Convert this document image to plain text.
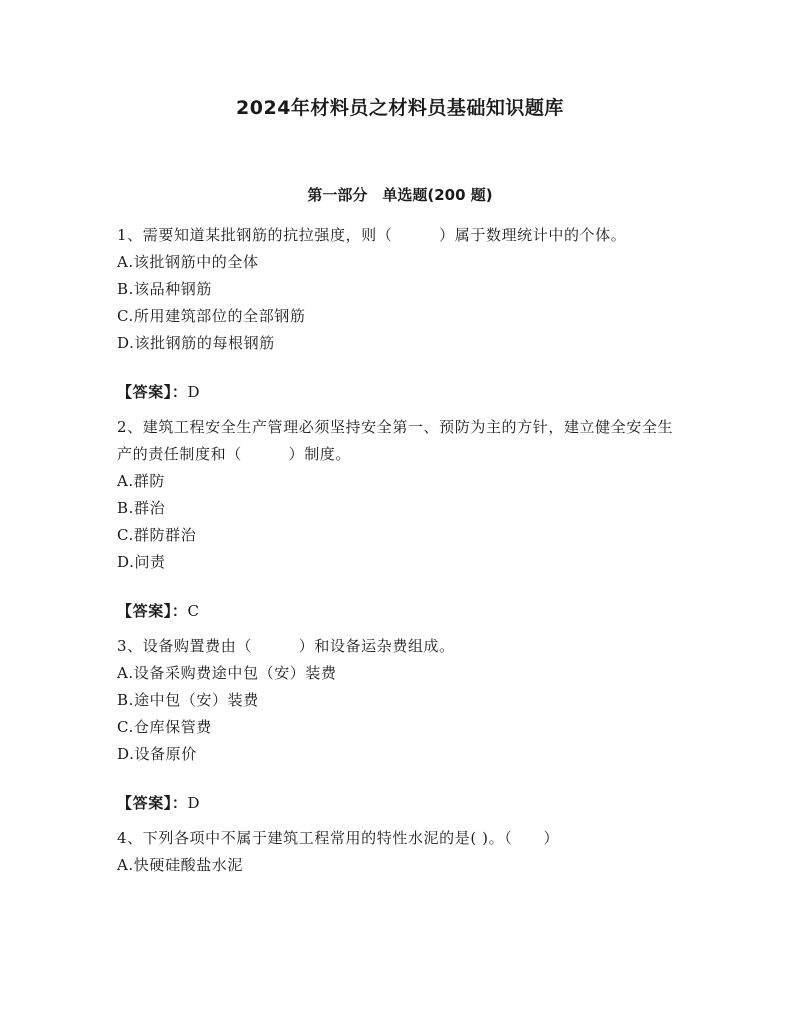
2024年材料员之材料员基础知识题库
第一部分　单选题(200 题)

1、需要知道某批钢筋的抗拉强度，则（　　　）属于数理统计中的个体。

A.该批钢筋中的全体

B.该品种钢筋

C.所用建筑部位的全部钢筋

D.该批钢筋的每根钢筋

【答案】：D

2、建筑工程安全生产管理必须坚持安全第一、预防为主的方针，建立健全安全生产的责任制度和（　　　）制度。

A.群防

B.群治

C.群防群治

D.问责

【答案】：C

3、设备购置费由（　　　）和设备运杂费组成。

A.设备采购费途中包（安）装费

B.途中包（安）装费

C.仓库保管费

D.设备原价

【答案】：D

4、下列各项中不属于建筑工程常用的特性水泥的是( )。（　　）

A.快硬硅酸盐水泥
